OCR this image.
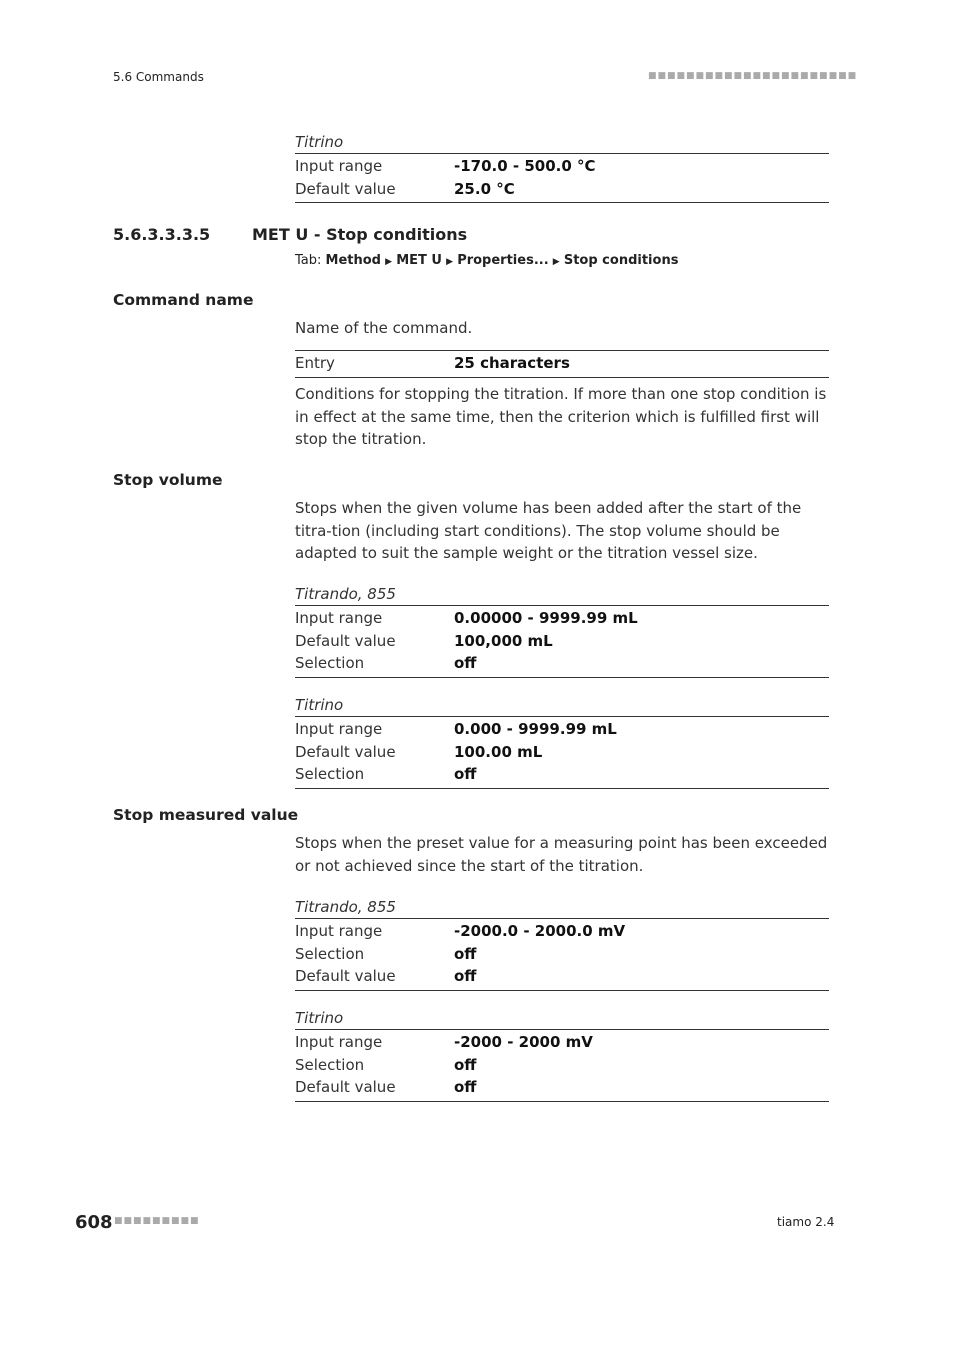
5.6 Commands	■■■■■■■■■■■■■■■■■■■■■■
Titrino
Input range	-170.0 - 500.0 °C
Default value	25.0 °C
5.6.3.3.3.5	MET U - Stop conditions
Tab: Method ▶ MET U ▶ Properties... ▶ Stop conditions
Command name
Name of the command.
Entry	25 characters
Conditions for stopping the titration. If more than one stop condition is in effect at the same time, then the criterion which is fulfilled first will stop the titration.
Stop volume
Stops when the given volume has been added after the start of the titra-tion (including start conditions). The stop volume should be adapted to suit the sample weight or the titration vessel size.
Titrando, 855
Input range	0.00000 - 9999.99 mL
Default value	100,000 mL
Selection	off
Titrino
Input range	0.000 - 9999.99 mL
Default value	100.00 mL
Selection	off
Stop measured value
Stops when the preset value for a measuring point has been exceeded or not achieved since the start of the titration.
Titrando, 855
Input range	-2000.0 - 2000.0 mV
Selection	off
Default value	off
Titrino
Input range	-2000 - 2000 mV
Selection	off
Default value	off
608 ■■■■■■■■■	tiamo 2.4
